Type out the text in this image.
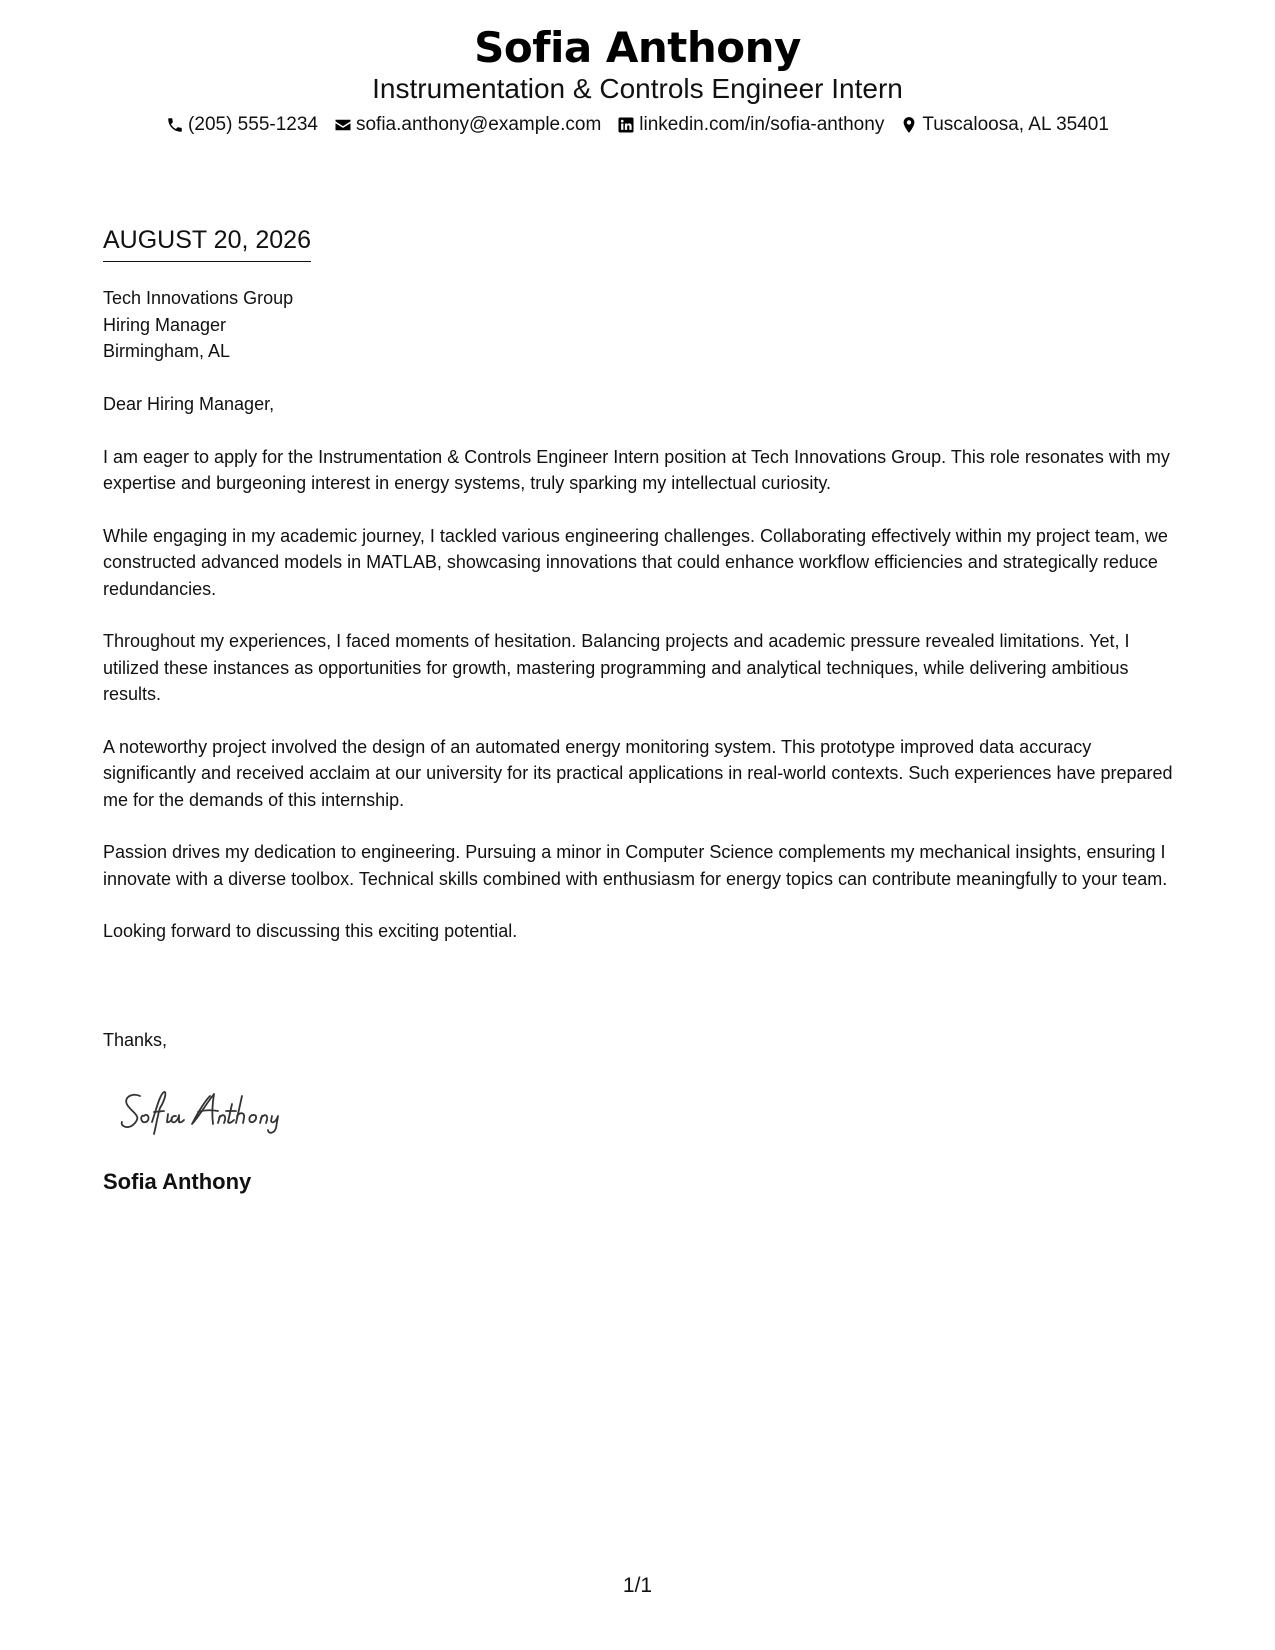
Sofia Anthony
Instrumentation & Controls Engineer Intern
(205) 555-1234 sofia.anthony@example.com linkedin.com/in/sofia-anthony Tuscaloosa, AL 35401
AUGUST 20, 2026
Tech Innovations Group
Hiring Manager
Birmingham, AL

Dear Hiring Manager,

I am eager to apply for the Instrumentation & Controls Engineer Intern position at Tech Innovations Group. This role resonates with my expertise and burgeoning interest in energy systems, truly sparking my intellectual curiosity.

While engaging in my academic journey, I tackled various engineering challenges. Collaborating effectively within my project team, we constructed advanced models in MATLAB, showcasing innovations that could enhance workflow efficiencies and strategically reduce redundancies.

Throughout my experiences, I faced moments of hesitation. Balancing projects and academic pressure revealed limitations. Yet, I utilized these instances as opportunities for growth, mastering programming and analytical techniques, while delivering ambitious results.

A noteworthy project involved the design of an automated energy monitoring system. This prototype improved data accuracy significantly and received acclaim at our university for its practical applications in real-world contexts. Such experiences have prepared me for the demands of this internship.

Passion drives my dedication to engineering. Pursuing a minor in Computer Science complements my mechanical insights, ensuring I innovate with a diverse toolbox. Technical skills combined with enthusiasm for energy topics can contribute meaningfully to your team.

Looking forward to discussing this exciting potential.

Thanks,
Sofia Anthony
1/1
